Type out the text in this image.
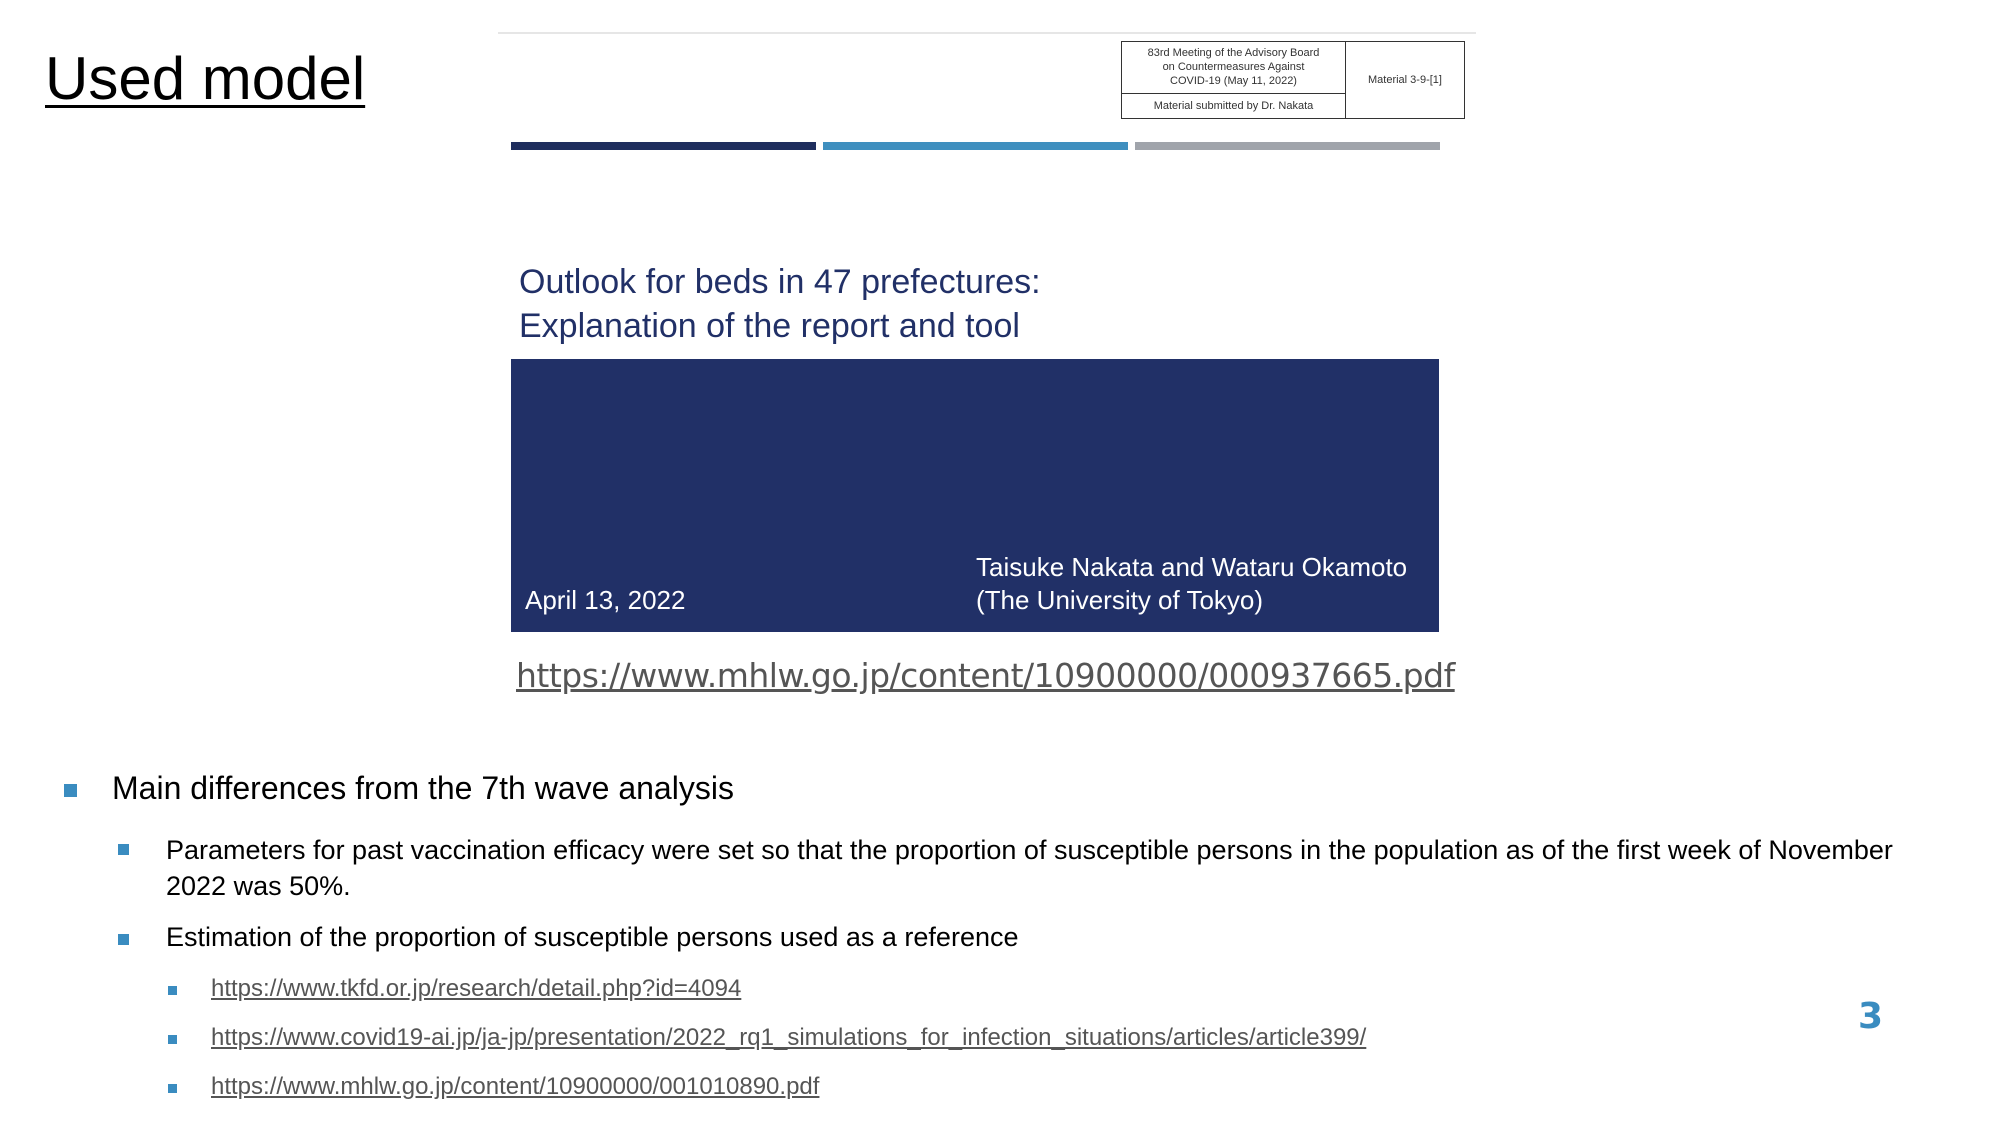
Used model	83rd Meeting of the Advisory Board
on Countermeasures Against
COVID-19 (May 11, 2022)
Material submitted by Dr. Nakata
Material 3-9-[1]
Outlook for beds in 47 prefectures:
Explanation of the report and tool
April 13, 2022
Taisuke Nakata and Wataru Okamoto
(The University of Tokyo)
https://www.mhlw.go.jp/content/10900000/000937665.pdf
Main differences from the 7th wave analysis
Parameters for past vaccination efficacy were set so that the proportion of susceptible persons in the population as of the first week of November 2022 was 50%.
Estimation of the proportion of susceptible persons used as a reference
https://www.tkfd.or.jp/research/detail.php?id=4094
https://www.covid19-ai.jp/ja-jp/presentation/2022_rq1_simulations_for_infection_situations/articles/article399/
https://www.mhlw.go.jp/content/10900000/001010890.pdf
3
